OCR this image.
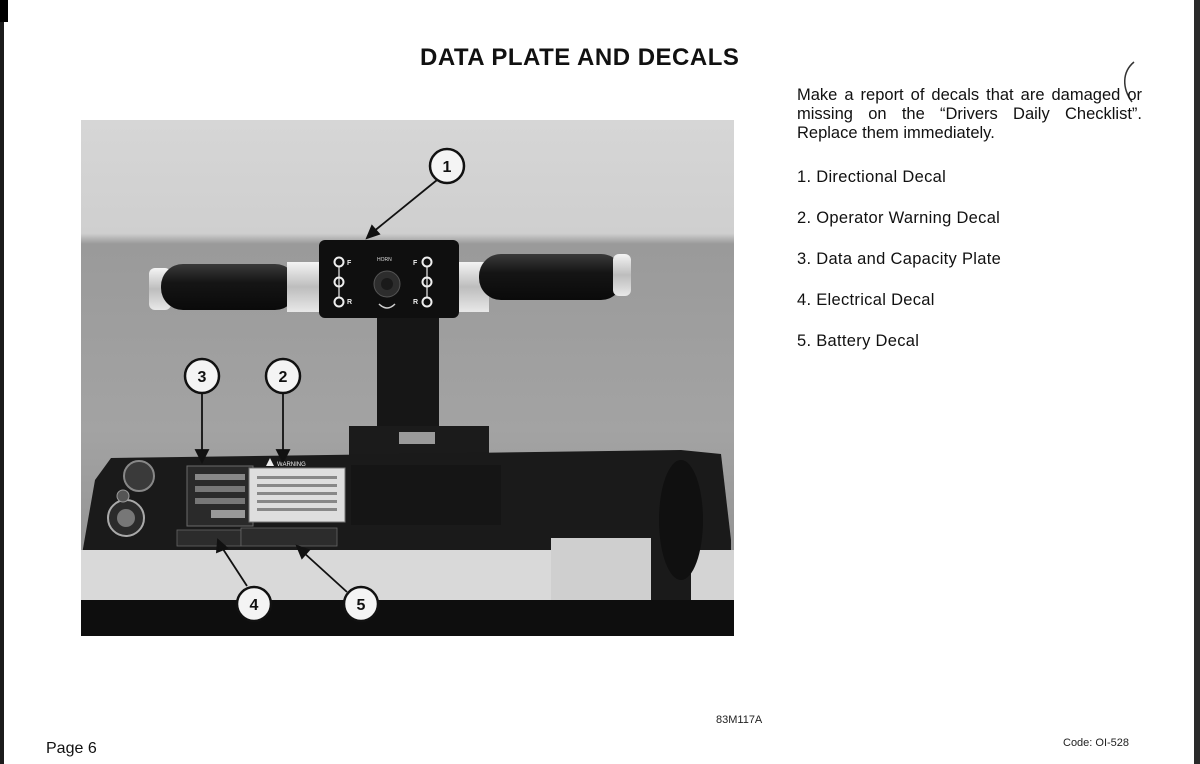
DATA PLATE AND DECALS
Make a report of decals that are damaged or missing on the “Drivers Daily Checklist”. Replace them immediately.
1. Directional Decal
2. Operator Warning Decal
3. Data and Capacity Plate
4. Electrical Decal
5. Battery Decal
HORN
F
R
F
R
WARNING
1
2
3
4	5
83M117A
Page 6	Code: OI-528
